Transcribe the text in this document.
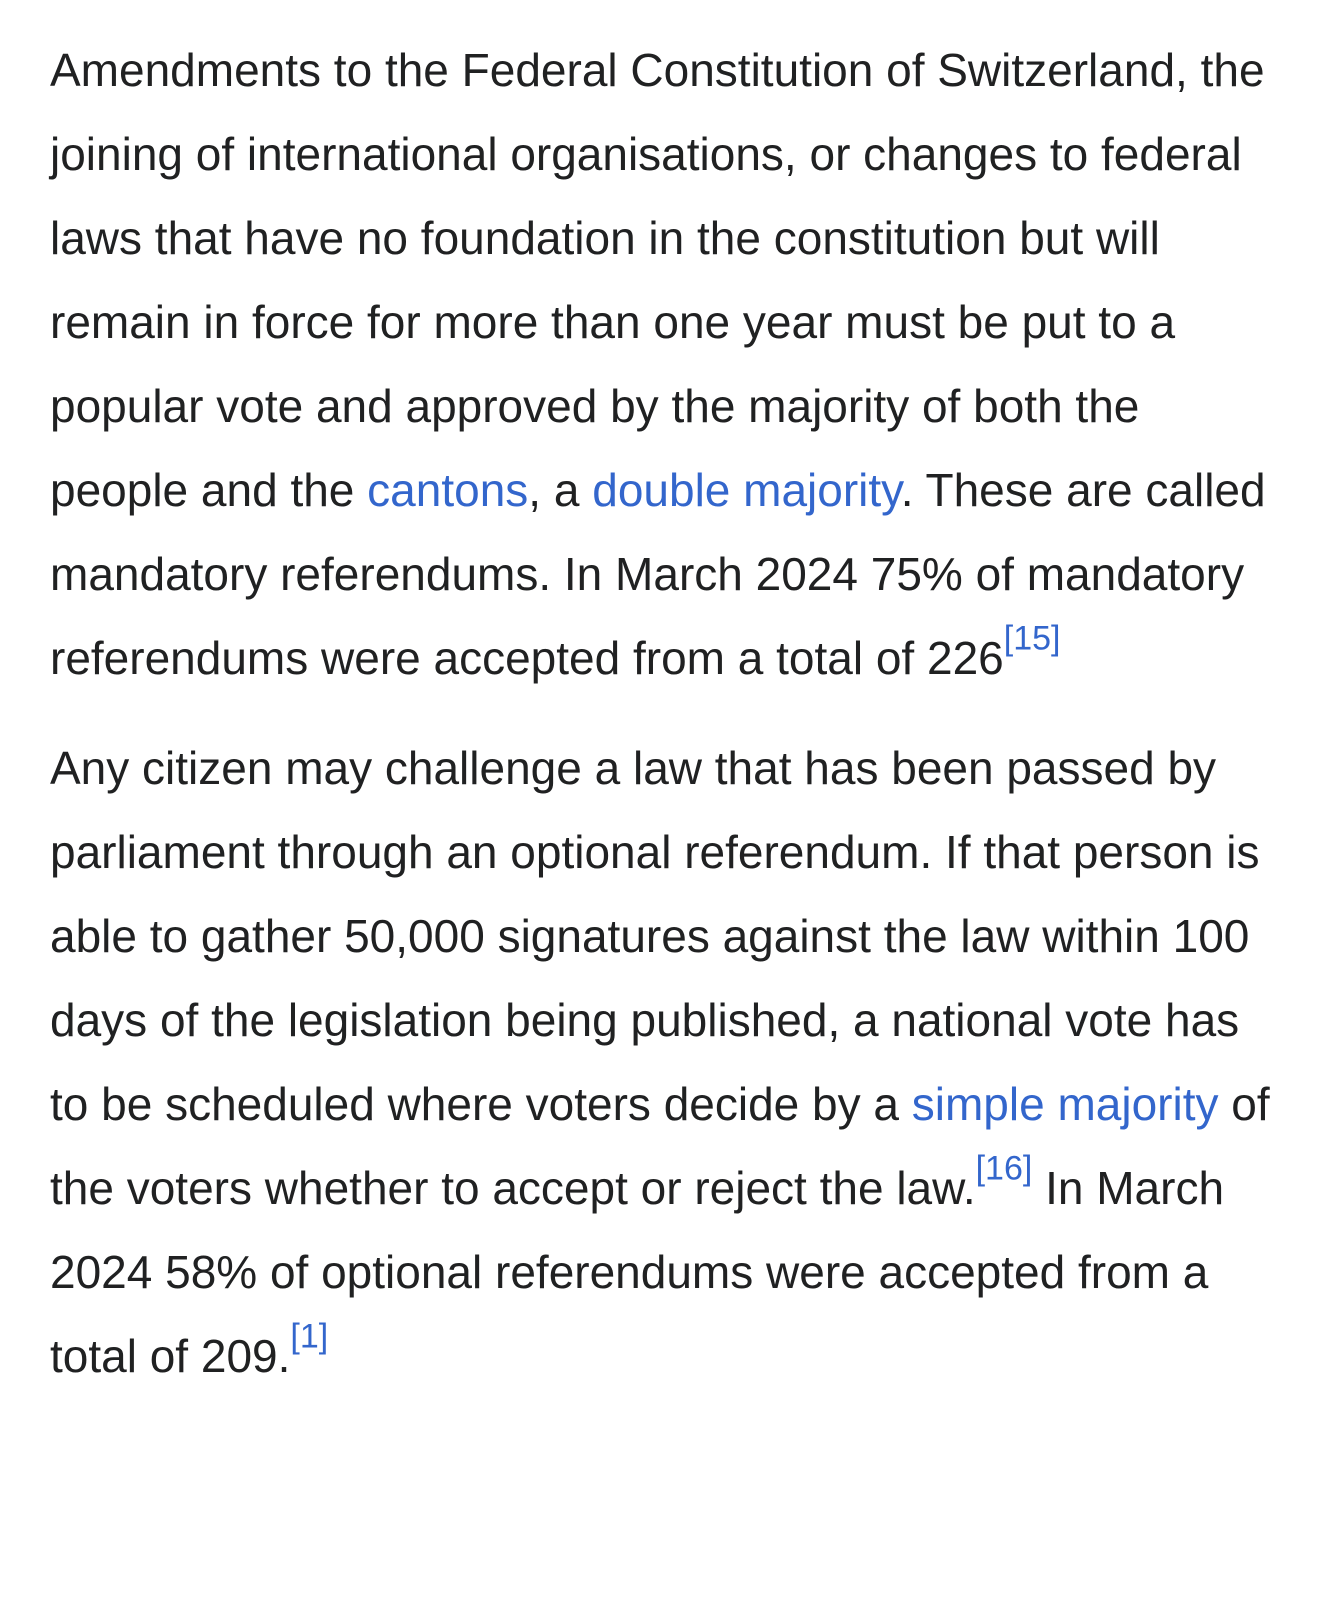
Amendments to the Federal Constitution of Switzerland, the joining of international organisations, or changes to federal laws that have no foundation in the constitution but will remain in force for more than one year must be put to a popular vote and approved by the majority of both the people and the cantons, a double majority. These are called mandatory referendums. In March 2024 75% of mandatory referendums were accepted from a total of 226[15]

Any citizen may challenge a law that has been passed by parliament through an optional referendum. If that person is able to gather 50,000 signatures against the law within 100 days of the legislation being published, a national vote has to be scheduled where voters decide by a simple majority of the voters whether to accept or reject the law.[16] In March 2024 58% of optional referendums were accepted from a total of 209.[1]
